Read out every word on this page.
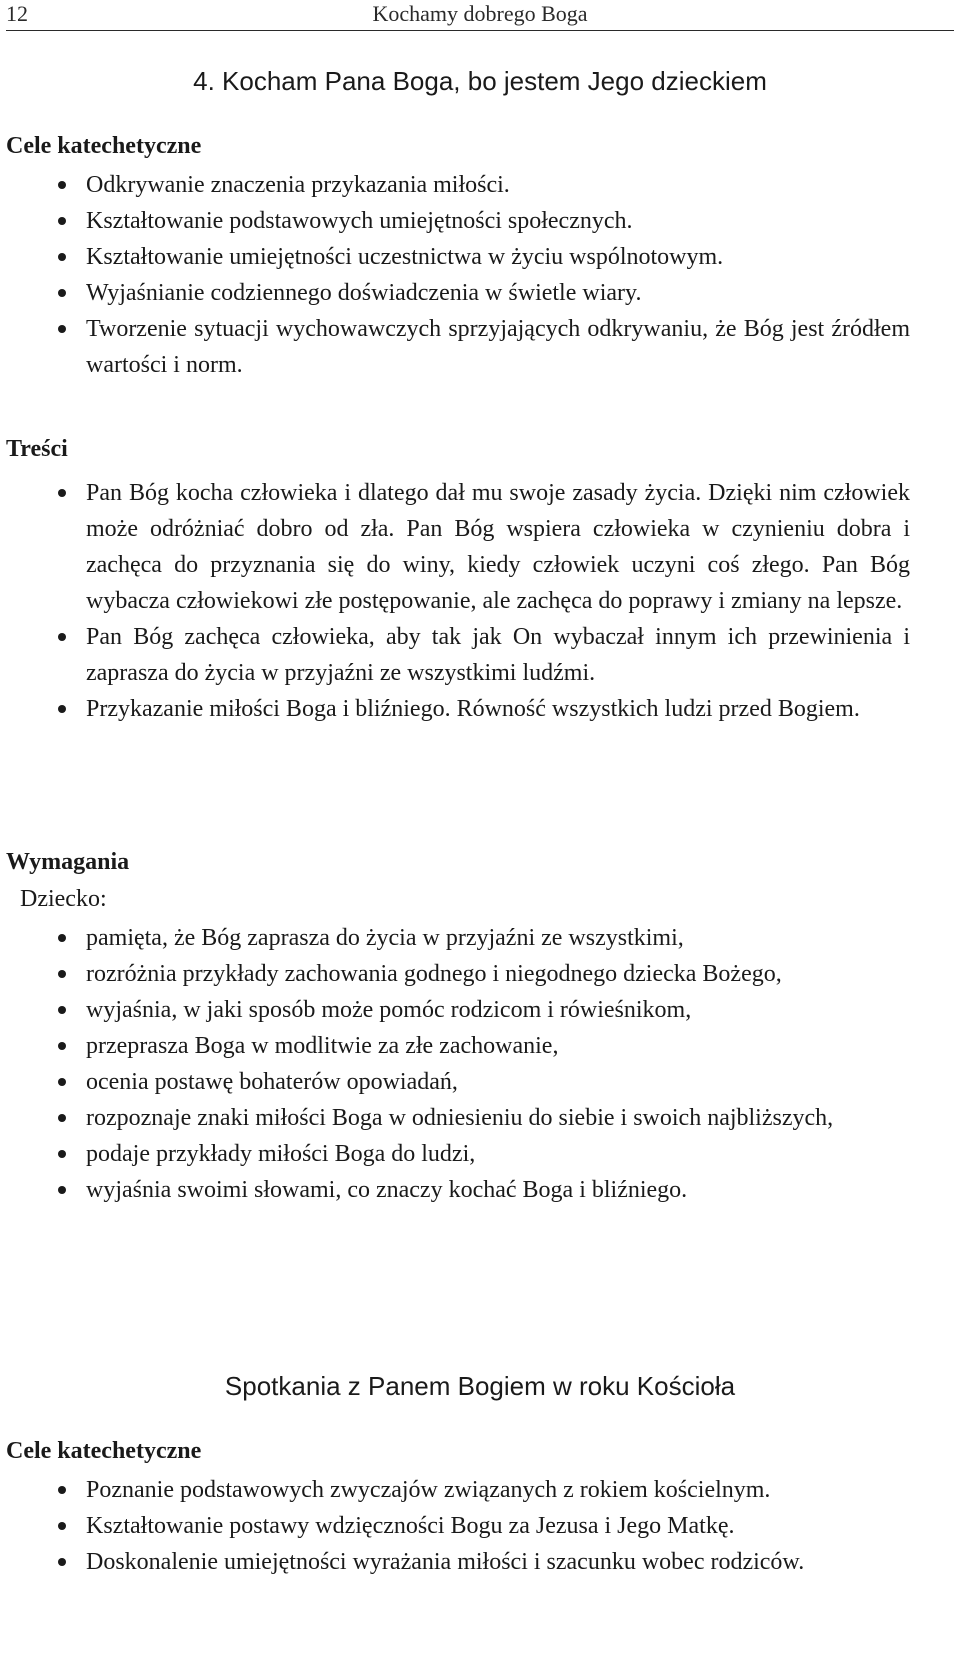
12	Kochamy dobrego Boga
4. Kocham Pana Boga, bo jestem Jego dzieckiem
Cele katechetyczne
Odkrywanie znaczenia przykazania miłości.
Kształtowanie podstawowych umiejętności społecznych.
Kształtowanie umiejętności uczestnictwa w życiu wspólnotowym.
Wyjaśnianie codziennego doświadczenia w świetle wiary.
Tworzenie sytuacji wychowawczych sprzyjających odkrywaniu, że Bóg jest źródłem wartości i norm.
Treści
Pan Bóg kocha człowieka i dlatego dał mu swoje zasady życia. Dzięki nim człowiek może odróżniać dobro od zła. Pan Bóg wspiera człowieka w czynieniu dobra i zachęca do przyznania się do winy, kiedy człowiek uczyni coś złego. Pan Bóg wybacza człowiekowi złe postępowanie, ale zachęca do poprawy i zmiany na lepsze.
Pan Bóg zachęca człowieka, aby tak jak On wybaczał innym ich przewinienia i zaprasza do życia w przyjaźni ze wszystkimi ludźmi.
Przykazanie miłości Boga i bliźniego. Równość wszystkich ludzi przed Bogiem.
Wymagania
Dziecko:
pamięta, że Bóg zaprasza do życia w przyjaźni ze wszystkimi,
rozróżnia przykłady zachowania godnego i niegodnego dziecka Bożego,
wyjaśnia, w jaki sposób może pomóc rodzicom i rówieśnikom,
przeprasza Boga w modlitwie za złe zachowanie,
ocenia postawę bohaterów opowiadań,
rozpoznaje znaki miłości Boga w odniesieniu do siebie i swoich najbliższych,
podaje przykłady miłości Boga do ludzi,
wyjaśnia swoimi słowami, co znaczy kochać Boga i bliźniego.
Spotkania z Panem Bogiem w roku Kościoła
Cele katechetyczne
Poznanie podstawowych zwyczajów związanych z rokiem kościelnym.
Kształtowanie postawy wdzięczności Bogu za Jezusa i Jego Matkę.
Doskonalenie umiejętności wyrażania miłości i szacunku wobec rodziców.
